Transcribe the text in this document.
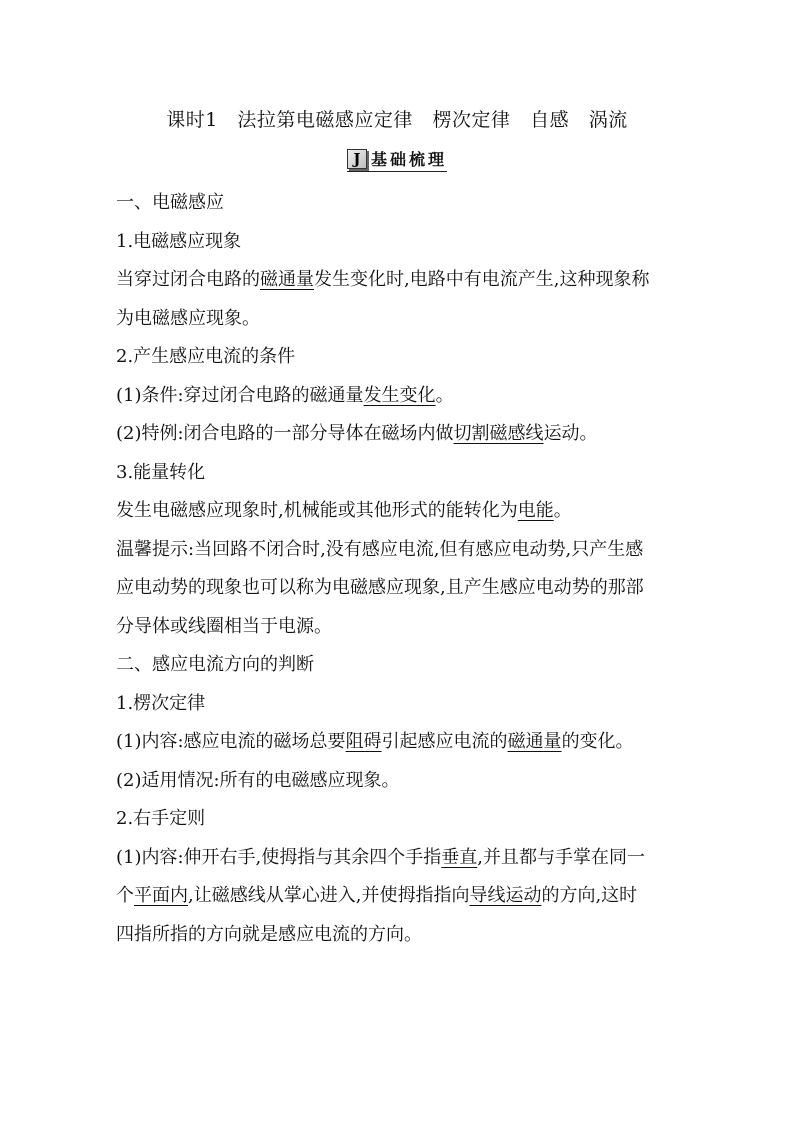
课时1   法拉第电磁感应定律   楞次定律   自感   涡流
J 基础梳理
一、电磁感应
1.电磁感应现象
当穿过闭合电路的磁通量发生变化时,电路中有电流产生,这种现象称
为电磁感应现象。
2.产生感应电流的条件
(1)条件:穿过闭合电路的磁通量发生变化。
(2)特例:闭合电路的一部分导体在磁场内做切割磁感线运动。
3.能量转化
发生电磁感应现象时,机械能或其他形式的能转化为电能。
温馨提示:当回路不闭合时,没有感应电流,但有感应电动势,只产生感
应电动势的现象也可以称为电磁感应现象,且产生感应电动势的那部
分导体或线圈相当于电源。
二、感应电流方向的判断
1.楞次定律
(1)内容:感应电流的磁场总要阻碍引起感应电流的磁通量的变化。
(2)适用情况:所有的电磁感应现象。
2.右手定则
(1)内容:伸开右手,使拇指与其余四个手指垂直,并且都与手掌在同一
个平面内,让磁感线从掌心进入,并使拇指指向导线运动的方向,这时
四指所指的方向就是感应电流的方向。
